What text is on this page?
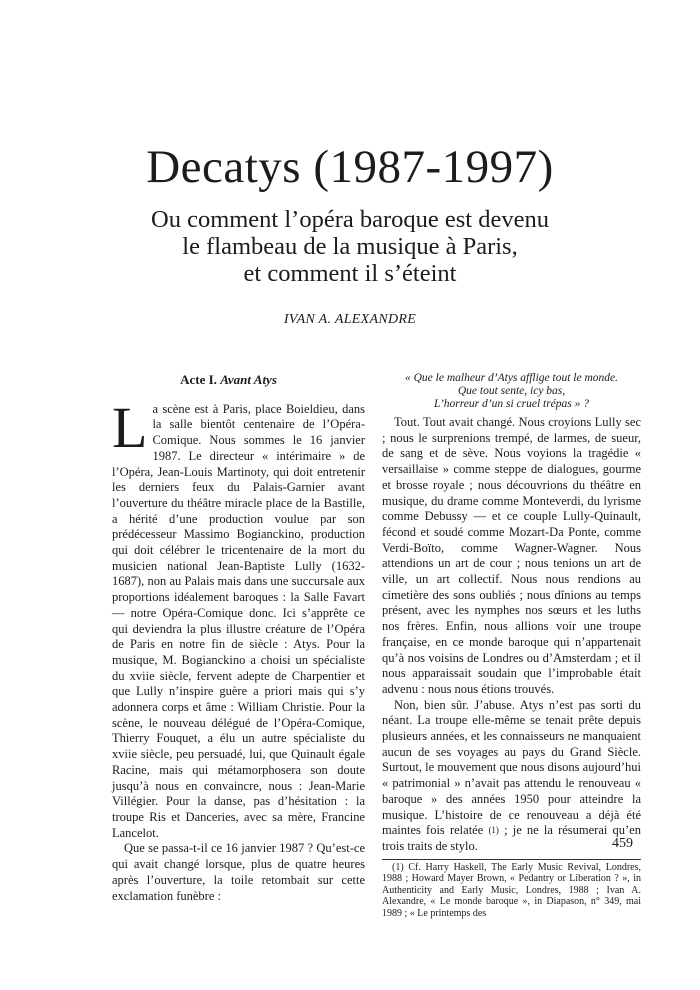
Decatys (1987-1997)
Ou comment l’opéra baroque est devenu
le flambeau de la musique à Paris,
et comment il s’éteint
IVAN A. ALEXANDRE
Acte I. Avant Atys

La scène est à Paris, place Boieldieu, dans la salle bientôt centenaire de l’Opéra-Comique. Nous sommes le 16 janvier 1987. Le directeur « intérimaire » de l’Opéra, Jean-Louis Martinoty, qui doit entretenir les derniers feux du Palais-Garnier avant l’ouverture du théâtre miracle place de la Bastille, a hérité d’une production voulue par son prédécesseur Massimo Bogianckino, production qui doit célébrer le tricentenaire de la mort du musicien national Jean-Baptiste Lully (1632-1687), non au Palais mais dans une succursale aux proportions idéalement baroques : la Salle Favart — notre Opéra-Comique donc. Ici s’apprête ce qui deviendra la plus illustre créature de l’Opéra de Paris en notre fin de siècle : Atys. Pour la musique, M. Bogianckino a choisi un spécialiste du xviie siècle, fervent adepte de Charpentier et que Lully n’inspire guère a priori mais qui s’y adonnera corps et âme : William Christie. Pour la scène, le nouveau délégué de l’Opéra-Comique, Thierry Fouquet, a élu un autre spécialiste du xviie siècle, peu persuadé, lui, que Quinault égale Racine, mais qui métamorphosera son doute jusqu’à nous en convaincre, nous : Jean-Marie Villégier. Pour la danse, pas d’hésitation : la troupe Ris et Danceries, avec sa mère, Francine Lancelot.

Que se passa-t-il ce 16 janvier 1987 ? Qu’est-ce qui avait changé lorsque, plus de quatre heures après l’ouverture, la toile retombait sur cette exclamation funèbre :

« Que le malheur d’Atys afflige tout le monde.
Que tout sente, icy bas,
L’horreur d’un si cruel trépas » ?

Tout. Tout avait changé. Nous croyions Lully sec ; nous le surprenions trempé, de larmes, de sueur, de sang et de sève. Nous voyions la tragédie « versaillaise » comme steppe de dialogues, gourme et brosse royale ; nous découvrions du théâtre en musique, du drame comme Monteverdi, du lyrisme comme Debussy — et ce couple Lully-Quinault, fécond et soudé comme Mozart-Da Ponte, comme Verdi-Boïto, comme Wagner-Wagner. Nous attendions un art de cour ; nous tenions un art de ville, un art collectif. Nous nous rendions au cimetière des sons oubliés ; nous dînions au temps présent, avec les nymphes nos sœurs et les luths nos frères. Enfin, nous allions voir une troupe française, en ce monde baroque qui n’appartenait qu’à nos voisins de Londres ou d’Amsterdam ; et il nous apparaissait soudain que l’improbable était advenu : nous nous étions trouvés.

Non, bien sûr. J’abuse. Atys n’est pas sorti du néant. La troupe elle-même se tenait prête depuis plusieurs années, et les connaisseurs ne manquaient aucun de ses voyages au pays du Grand Siècle. Surtout, le mouvement que nous disons aujourd’hui « patrimonial » n’avait pas attendu le renouveau « baroque » des années 1950 pour atteindre la musique. L’histoire de ce renouveau a déjà été maintes fois relatée $^{(1)}$ ; je ne la résumerai qu’en trois traits de stylo.

(1) Cf. Harry Haskell, The Early Music Revival, Londres, 1988 ; Howard Mayer Brown, « Pedantry or Liberation ? », in Authenticity and Early Music, Londres, 1988 ; Ivan A. Alexandre, « Le monde baroque », in Diapason, n° 349, mai 1989 ; « Le printemps des
459
